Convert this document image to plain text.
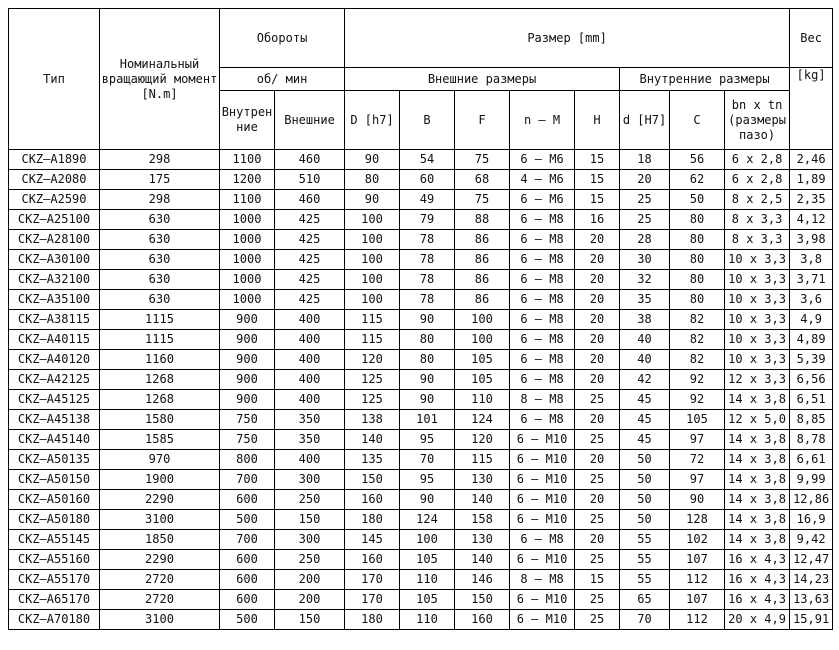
Тип	Номинальный вращающий момент [N.m]	Обороты		Размер [mm]								Вес
		об/ мин		Внешние размеры					Внутренние размеры			[kg]
		Внутрен ние	Внешние	D [h7]	B	F	n – M	H	d [H7]	C	bn x tn (размеры пазо)	
CKZ–A1890	298	1100	460	90	54	75	6 – M6	15	18	56	6 x 2,8	2,46
CKZ–A2080	175	1200	510	80	60	68	4 – M6	15	20	62	6 x 2,8	1,89
CKZ–A2590	298	1100	460	90	49	75	6 – M6	15	25	50	8 x 2,5	2,35
CKZ–A25100	630	1000	425	100	79	88	6 – M8	16	25	80	8 x 3,3	4,12
CKZ–A28100	630	1000	425	100	78	86	6 – M8	20	28	80	8 x 3,3	3,98
CKZ–A30100	630	1000	425	100	78	86	6 – M8	20	30	80	10 x 3,3	3,8
CKZ–A32100	630	1000	425	100	78	86	6 – M8	20	32	80	10 x 3,3	3,71
CKZ–A35100	630	1000	425	100	78	86	6 – M8	20	35	80	10 x 3,3	3,6
CKZ–A38115	1115	900	400	115	90	100	6 – M8	20	38	82	10 x 3,3	4,9
CKZ–A40115	1115	900	400	115	80	100	6 – M8	20	40	82	10 x 3,3	4,89
CKZ–A40120	1160	900	400	120	80	105	6 – M8	20	40	82	10 x 3,3	5,39
CKZ–A42125	1268	900	400	125	90	105	6 – M8	20	42	92	12 x 3,3	6,56
CKZ–A45125	1268	900	400	125	90	110	8 – M8	25	45	92	14 x 3,8	6,51
CKZ–A45138	1580	750	350	138	101	124	6 – M8	20	45	105	12 x 5,0	8,85
CKZ–A45140	1585	750	350	140	95	120	6 – M10	25	45	97	14 x 3,8	8,78
CKZ–A50135	970	800	400	135	70	115	6 – M10	20	50	72	14 x 3,8	6,61
CKZ–A50150	1900	700	300	150	95	130	6 – M10	25	50	97	14 x 3,8	9,99
CKZ–A50160	2290	600	250	160	90	140	6 – M10	20	50	90	14 x 3,8	12,86
CKZ–A50180	3100	500	150	180	124	158	6 – M10	25	50	128	14 x 3,8	16,9
CKZ–A55145	1850	700	300	145	100	130	6 – M8	20	55	102	14 x 3,8	9,42
CKZ–A55160	2290	600	250	160	105	140	6 – M10	25	55	107	16 x 4,3	12,47
CKZ–A55170	2720	600	200	170	110	146	8 – M8	15	55	112	16 x 4,3	14,23
CKZ–A65170	2720	600	200	170	105	150	6 – M10	25	65	107	16 x 4,3	13,63
CKZ–A70180	3100	500	150	180	110	160	6 – M10	25	70	112	20 x 4,9	15,91
